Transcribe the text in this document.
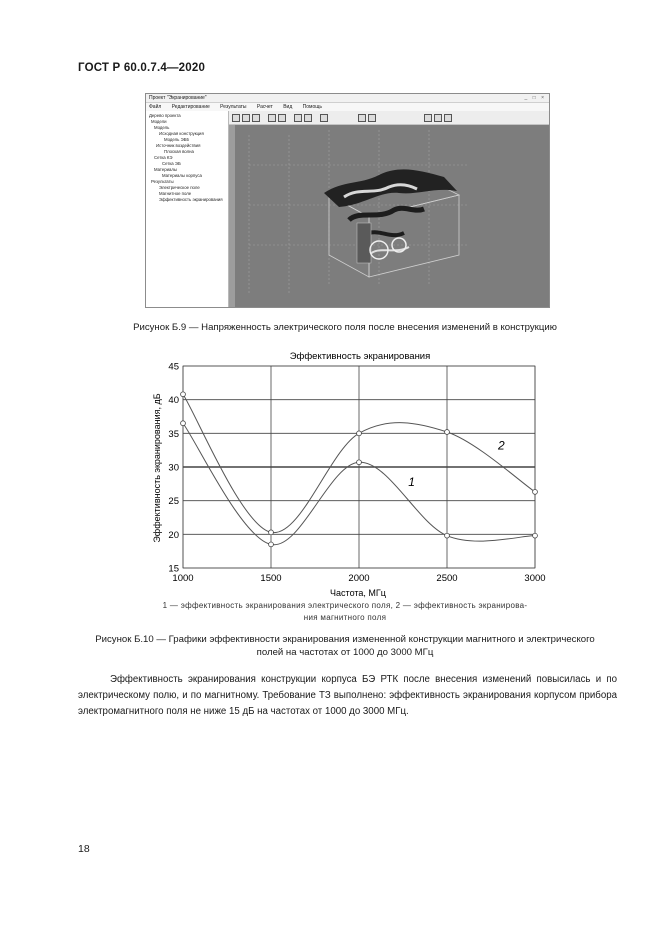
ГОСТ Р 60.0.7.4—2020
Проект "Экранирование"	_ □ ×
Файл Редактирование Результаты Расчет Вид Помощь
Дерево проекта
Модели
Модель
Исходная конструкция
Модель ЭБ5
Источник воздействия
Плоская волна
Сетка КЭ
Сетка ЭБ
Материалы
Материалы корпуса
Результаты
Электрическое поле
Магнитное поле
Эффективность экранирования
Рисунок Б.9 — Напряженность электрического поля после внесения изменений в конструкцию
Эффективность экранирования
Эффективность экранирования, дБ
Частота, МГц
15
20
25
30
35
40
45
1000	1500	2000	2500	3000
1
2
1 — эффективность экранирования электрического поля, 2 — эффективность экранирова-
ния магнитного поля
Рисунок Б.10 — Графики эффективности экранирования измененной конструкции магнитного и электрического
полей на частотах от 1000 до 3000 МГц
Эффективность экранирования конструкции корпуса БЭ РТК после внесения изменений повысилась и по электрическому полю, и по магнитному. Требование ТЗ выполнено: эффективность экранирования корпусом прибора электромагнитного поля не ниже 15 дБ на частотах от 1000 до 3000 МГц.
18
